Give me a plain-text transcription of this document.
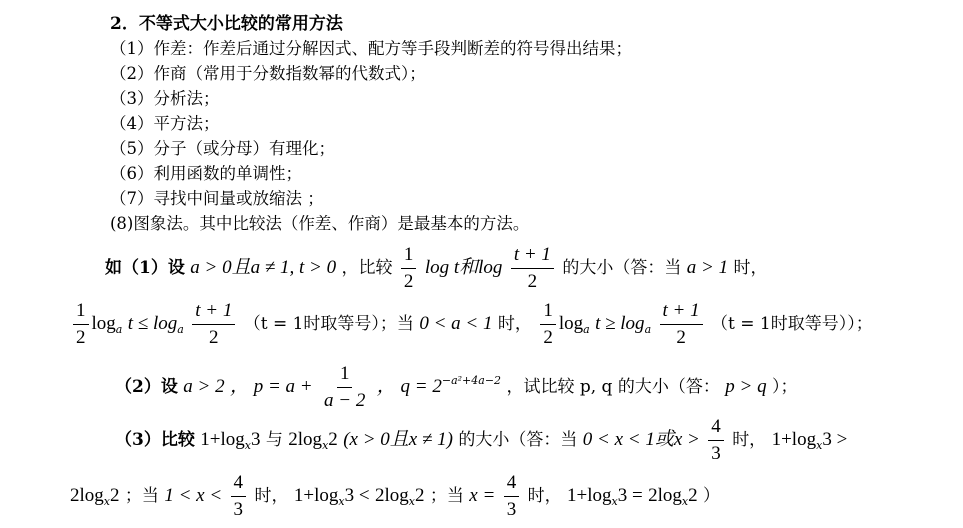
2．不等式大小比较的常用方法
（1）作差：作差后通过分解因式、配方等手段判断差的符号得出结果；
（2）作商（常用于分数指数幂的代数式）；
（3）分析法；
（4）平方法；
（5）分子（或分母）有理化；
（6）利用函数的单调性；
（7）寻找中间量或放缩法 ；
(8)图象法。其中比较法（作差、作商）是最基本的方法。
如（1）设 a > 0且a ≠ 1, t > 0 ，比较 $\frac{1}{2}$ log t和$\log \frac{t + 1}{2}$ 的大小（答：当 a > 1 时，
$\frac{1}{2} \log_a t \le \log_a \frac{t + 1}{2} (t = 1$时取等号）；当 0 < a < 1 时， $\frac{1}{2} \log_a t \ge \log_a \frac{t + 1}{2} (t = 1$时取等号））；
（2）设 a > 2 ， $p = a + \frac{1}{a - 2}$ ， $q = 2^{-a^2+4a-2}$ ，试比较 p, q 的大小（答： p > q ）；
（3）比较 $1+\log_x3$ 与 $2\log_x2$ (x > 0且x ≠ 1) 的大小（答：当 0 < x < 1或$x > \frac{4}{3}$ 时， $1+\log_x3$ >
$2\log_x2$ ；当 $1 < x < \frac{4}{3}$ 时， $1+\log_x3 < 2\log_x2$ ；当 $x = \frac{4}{3}$ 时， $1+\log_x3 = 2\log_x2$ ）
